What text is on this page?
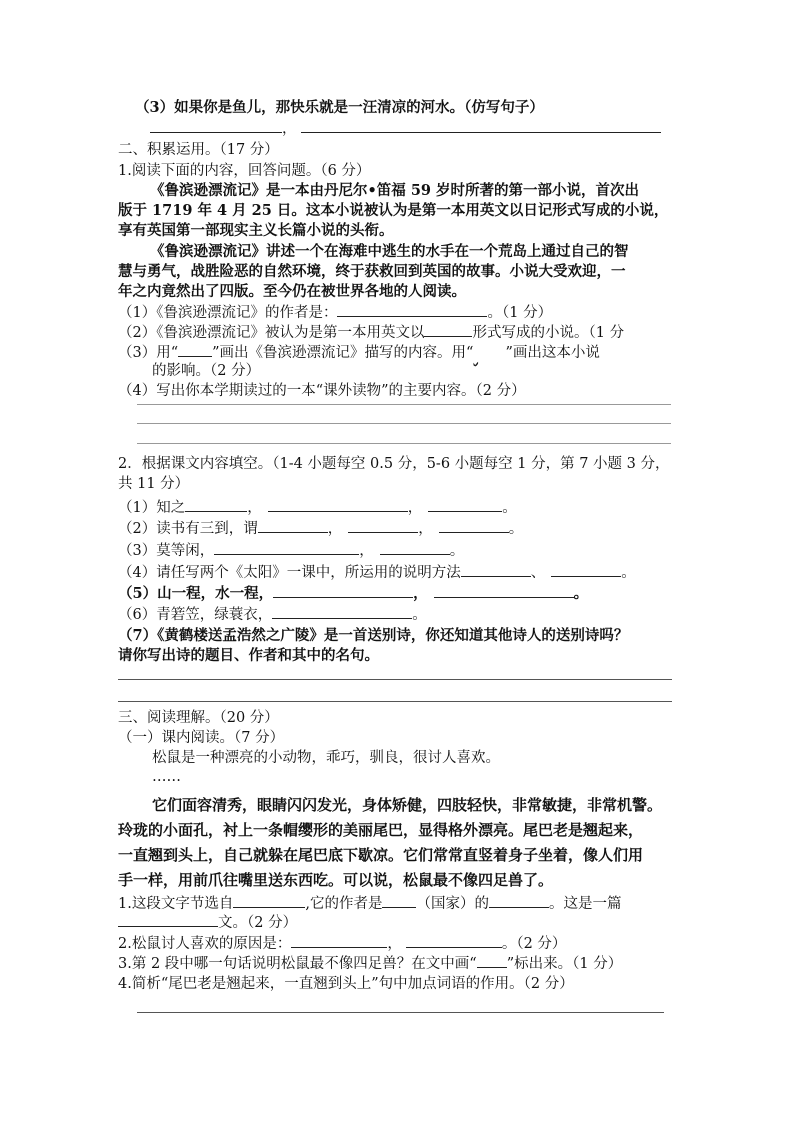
（3）如果你是鱼儿，那快乐就是一汪清凉的河水。（仿写句子）
，
二、积累运用。（17 分）
1.阅读下面的内容，回答问题。（6 分）
《鲁滨逊漂流记》是一本由丹尼尔•笛福 59 岁时所著的第一部小说，首次出
版于 1719 年 4 月 25 日。这本小说被认为是第一本用英文以日记形式写成的小说，
享有英国第一部现实主义长篇小说的头衔。
《鲁滨逊漂流记》讲述一个在海难中逃生的水手在一个荒岛上通过自己的智
慧与勇气，战胜险恶的自然环境，终于获救回到英国的故事。小说大受欢迎，一
年之内竟然出了四版。至今仍在被世界各地的人阅读。
（1）《鲁滨逊漂流记》的作者是：	。（1 分）
（2）《鲁滨逊漂流记》被认为是第一本用英文以	形式写成的小说。（1 分
（3）用“ ”画出《鲁滨逊漂流记》描写的内容。用“ ”画出这本小说
的影响。（2 分）
（4）写出你本学期读过的一本“课外读物”的主要内容。（2 分）
2．根据课文内容填空。（1-4 小题每空 0.5 分，5-6 小题每空 1 分，第 7 小题 3 分，
共 11 分）
（1）知之	，	，	。
（2）读书有三到，谓	，	，	。
（3）莫等闲，	，	。
（4）请任写两个《太阳》一课中，所运用的说明方法	、	。
（5）山一程，水一程，	，	。
（6）青箬笠，绿蓑衣，	。
（7）《黄鹤楼送孟浩然之广陵》是一首送别诗，你还知道其他诗人的送别诗吗？
请你写出诗的题目、作者和其中的名句。
三、阅读理解。（20 分）
（一）课内阅读。（7 分）
松鼠是一种漂亮的小动物，乖巧，驯良，很讨人喜欢。
……
它们面容清秀，眼睛闪闪发光，身体矫健，四肢轻快，非常敏捷，非常机警。
玲珑的小面孔，衬上一条帽缨形的美丽尾巴，显得格外漂亮。尾巴老是翘起来，
一直翘到头上，自己就躲在尾巴底下歇凉。它们常常直竖着身子坐着，像人们用
手一样，用前爪往嘴里送东西吃。可以说，松鼠最不像四足兽了。
1.这段文字节选自	,它的作者是 （国家）的	。这是一篇
文。（2 分）
2.松鼠讨人喜欢的原因是：	，	。（2 分）
3.第 2 段中哪一句话说明松鼠最不像四足兽？在文中画“ ”标出来。（1 分）
4.简析“尾巴老是翘起来，一直翘到头上”句中加点词语的作用。（2 分）
